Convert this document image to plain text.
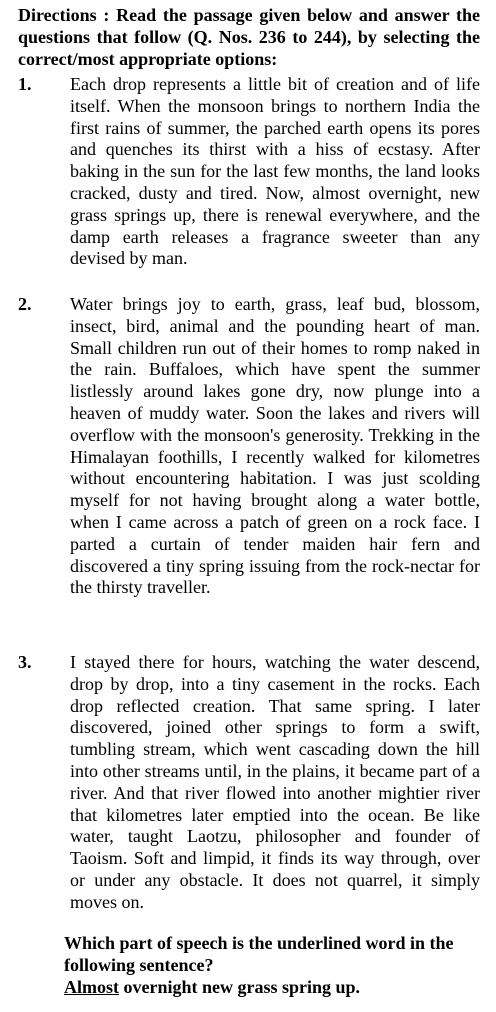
Directions : Read the passage given below and answer the questions that follow (Q. Nos. 236 to 244), by selecting the correct/most appropriate options:
1. Each drop represents a little bit of creation and of life itself. When the monsoon brings to northern India the first rains of summer, the parched earth opens its pores and quenches its thirst with a hiss of ecstasy. After baking in the sun for the last few months, the land looks cracked, dusty and tired. Now, almost overnight, new grass springs up, there is renewal everywhere, and the damp earth releases a fragrance sweeter than any devised by man.
2. Water brings joy to earth, grass, leaf bud, blossom, insect, bird, animal and the pounding heart of man. Small children run out of their homes to romp naked in the rain. Buffaloes, which have spent the summer listlessly around lakes gone dry, now plunge into a heaven of muddy water. Soon the lakes and rivers will overflow with the monsoon's generosity. Trekking in the Himalayan foothills, I recently walked for kilometres without encountering habitation. I was just scolding myself for not having brought along a water bottle, when I came across a patch of green on a rock face. I parted a curtain of tender maiden hair fern and discovered a tiny spring issuing from the rock-nectar for the thirsty traveller.
3. I stayed there for hours, watching the water descend, drop by drop, into a tiny casement in the rocks. Each drop reflected creation. That same spring. I later discovered, joined other springs to form a swift, tumbling stream, which went cascading down the hill into other streams until, in the plains, it became part of a river. And that river flowed into another mightier river that kilometres later emptied into the ocean. Be like water, taught Laotzu, philosopher and founder of Taoism. Soft and limpid, it finds its way through, over or under any obstacle. It does not quarrel, it simply moves on.
Which part of speech is the underlined word in the following sentence?
Almost overnight new grass spring up.
